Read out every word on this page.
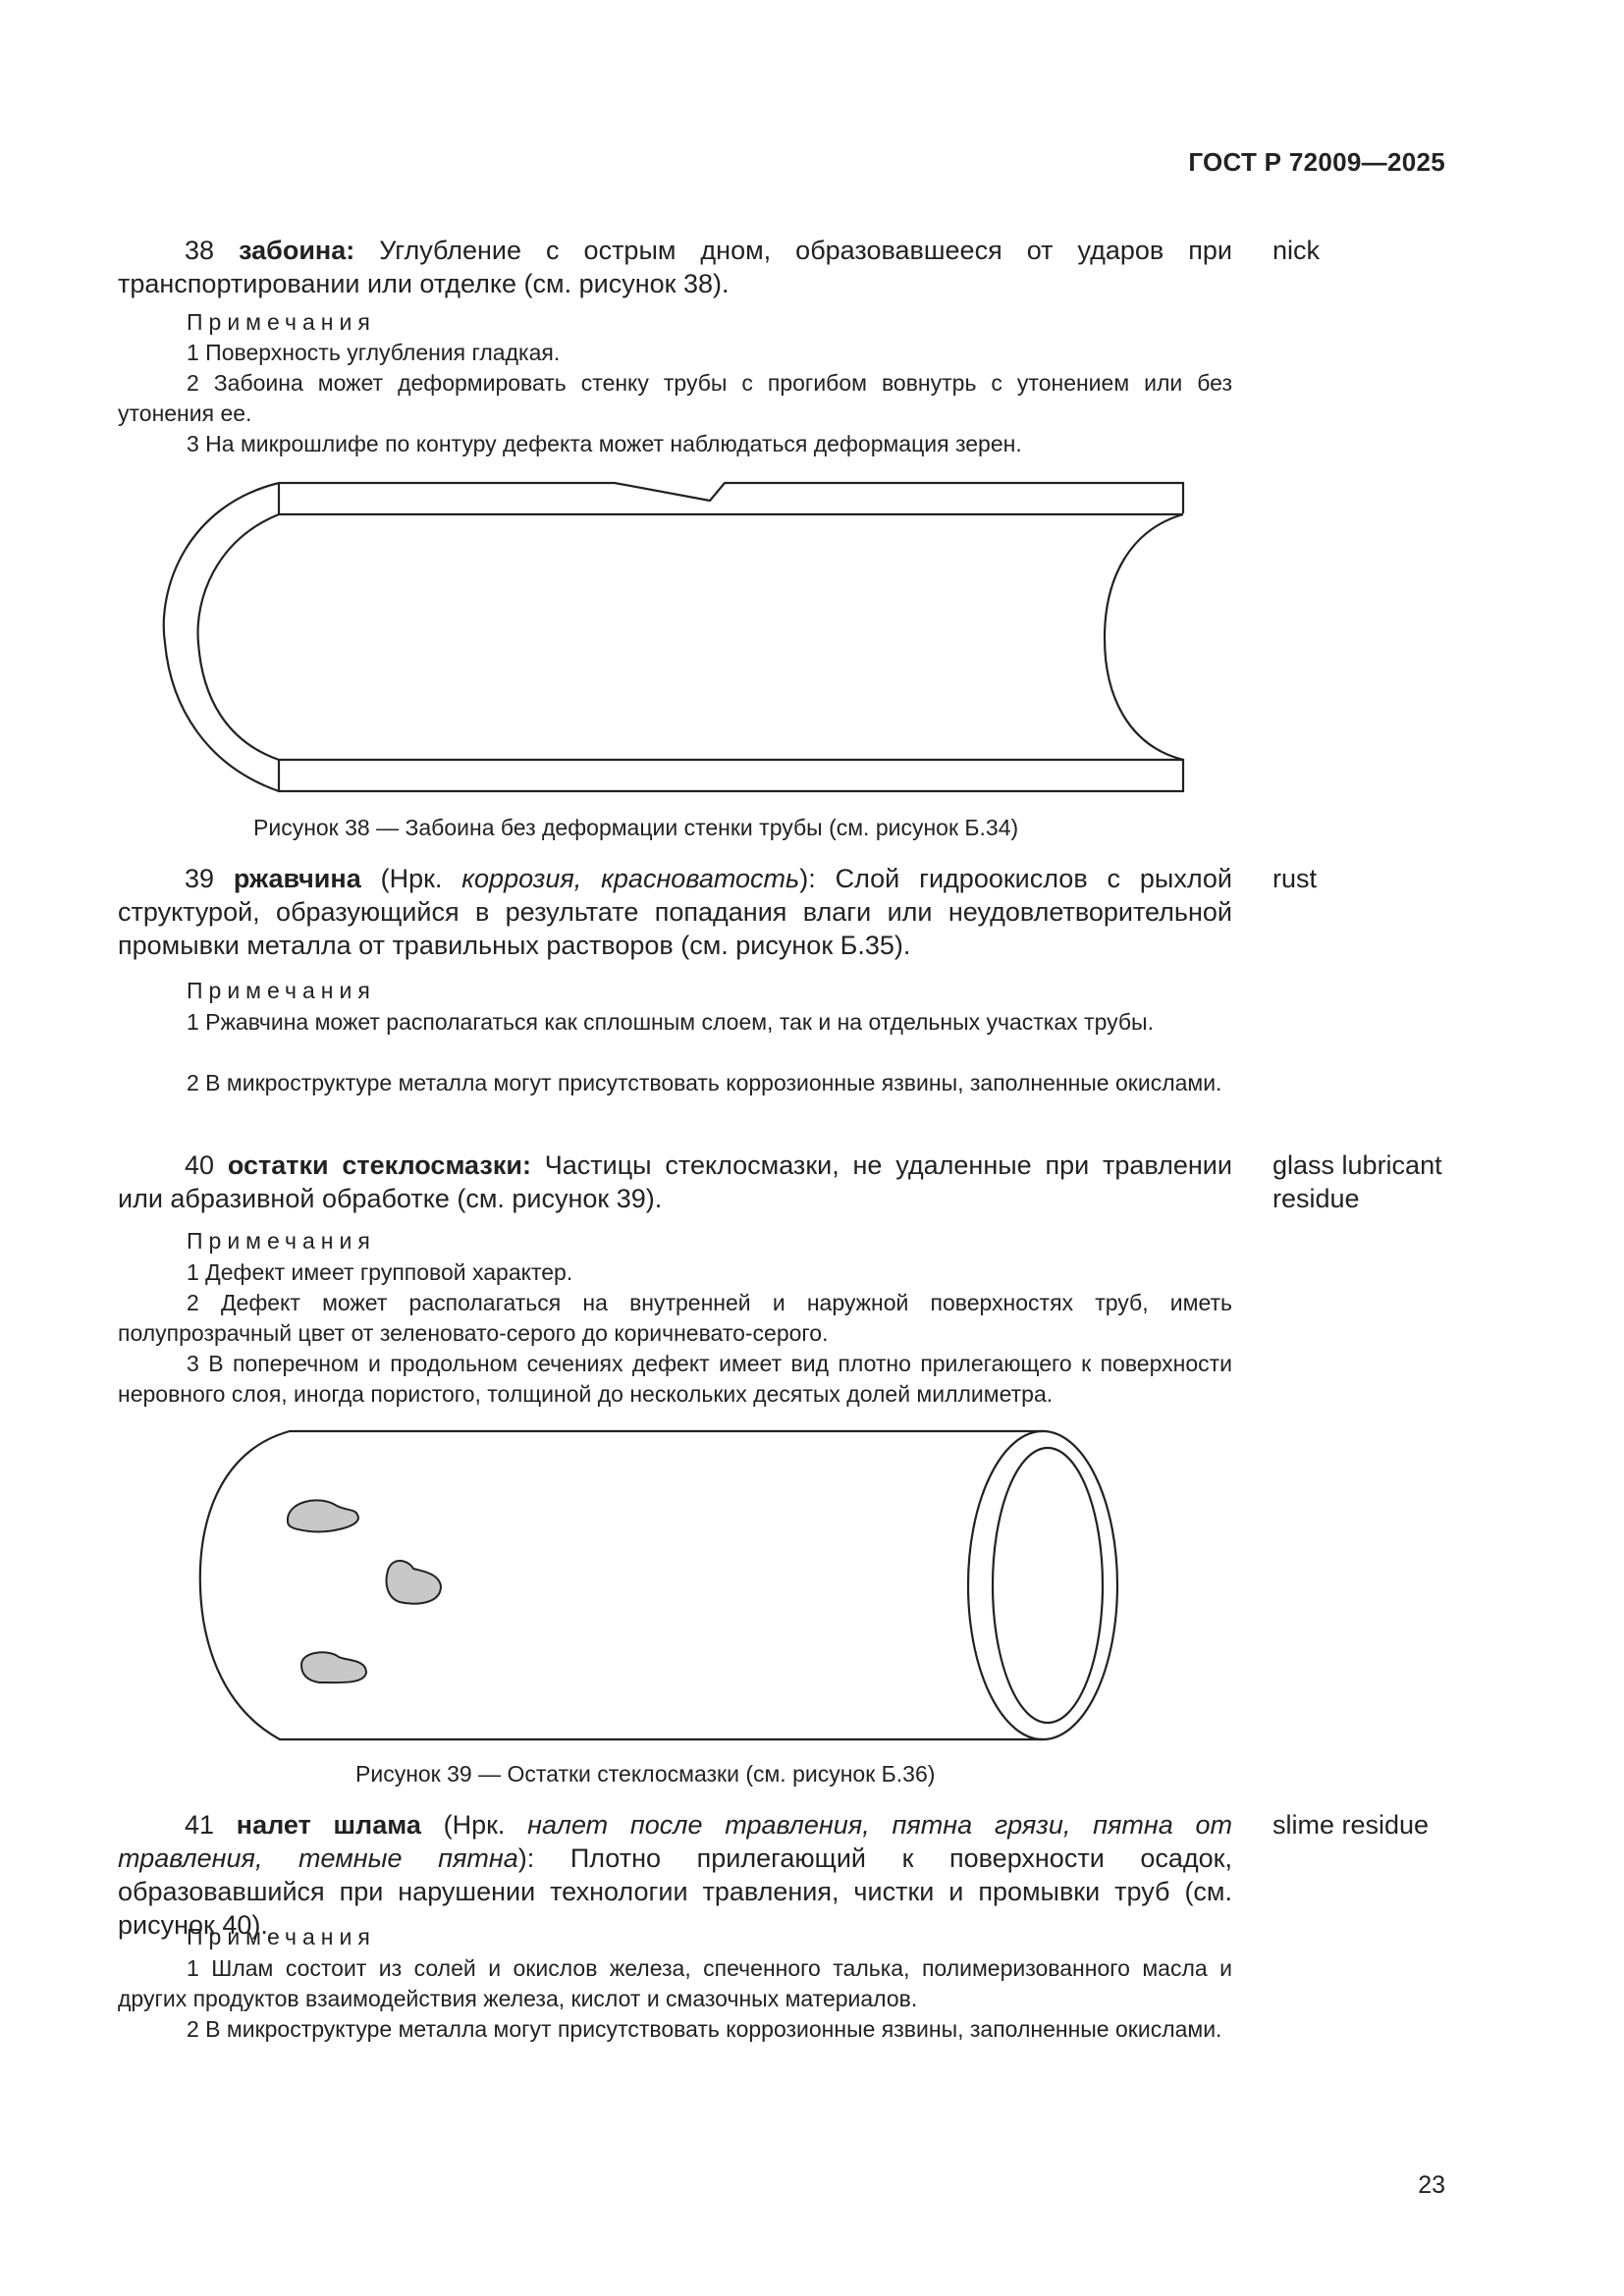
ГОСТ Р 72009—2025
38 забоина: Углубление с острым дном, образовавшееся от ударов при транспортировании или отделке (см. рисунок 38).
nick
Примечания
1 Поверхность углубления гладкая.
2 Забоина может деформировать стенку трубы с прогибом вовнутрь с утонением или без утонения ее.
3 На микрошлифе по контуру дефекта может наблюдаться деформация зерен.
Рисунок 38 — Забоина без деформации стенки трубы (см. рисунок Б.34)
39 ржавчина (Нрк. коррозия, красноватость): Слой гидроокислов с рыхлой структурой, образующийся в результате попадания влаги или неудовлетворительной промывки металла от травильных растворов (см. рисунок Б.35).
rust
Примечания
1 Ржавчина может располагаться как сплошным слоем, так и на отдельных участках трубы.
2 В микроструктуре металла могут присутствовать коррозионные язвины, заполненные окислами.
40 остатки стеклосмазки: Частицы стеклосмазки, не удаленные при травлении или абразивной обработке (см. рисунок 39).
glass lubricant residue
Примечания
1 Дефект имеет групповой характер.
2 Дефект может располагаться на внутренней и наружной поверхностях труб, иметь полупрозрачный цвет от зеленовато-серого до коричневато-серого.
3 В поперечном и продольном сечениях дефект имеет вид плотно прилегающего к поверхности неровного слоя, иногда пористого, толщиной до нескольких десятых долей миллиметра.
Рисунок 39 — Остатки стеклосмазки (см. рисунок Б.36)
41 налет шлама (Нрк. налет после травления, пятна грязи, пятна от травления, темные пятна): Плотно прилегающий к поверхности осадок, образовавшийся при нарушении технологии травления, чистки и промывки труб (см. рисунок 40).
slime residue
Примечания
1 Шлам состоит из солей и окислов железа, спеченного талька, полимеризованного масла и других продуктов взаимодействия железа, кислот и смазочных материалов.
2 В микроструктуре металла могут присутствовать коррозионные язвины, заполненные окислами.
23
